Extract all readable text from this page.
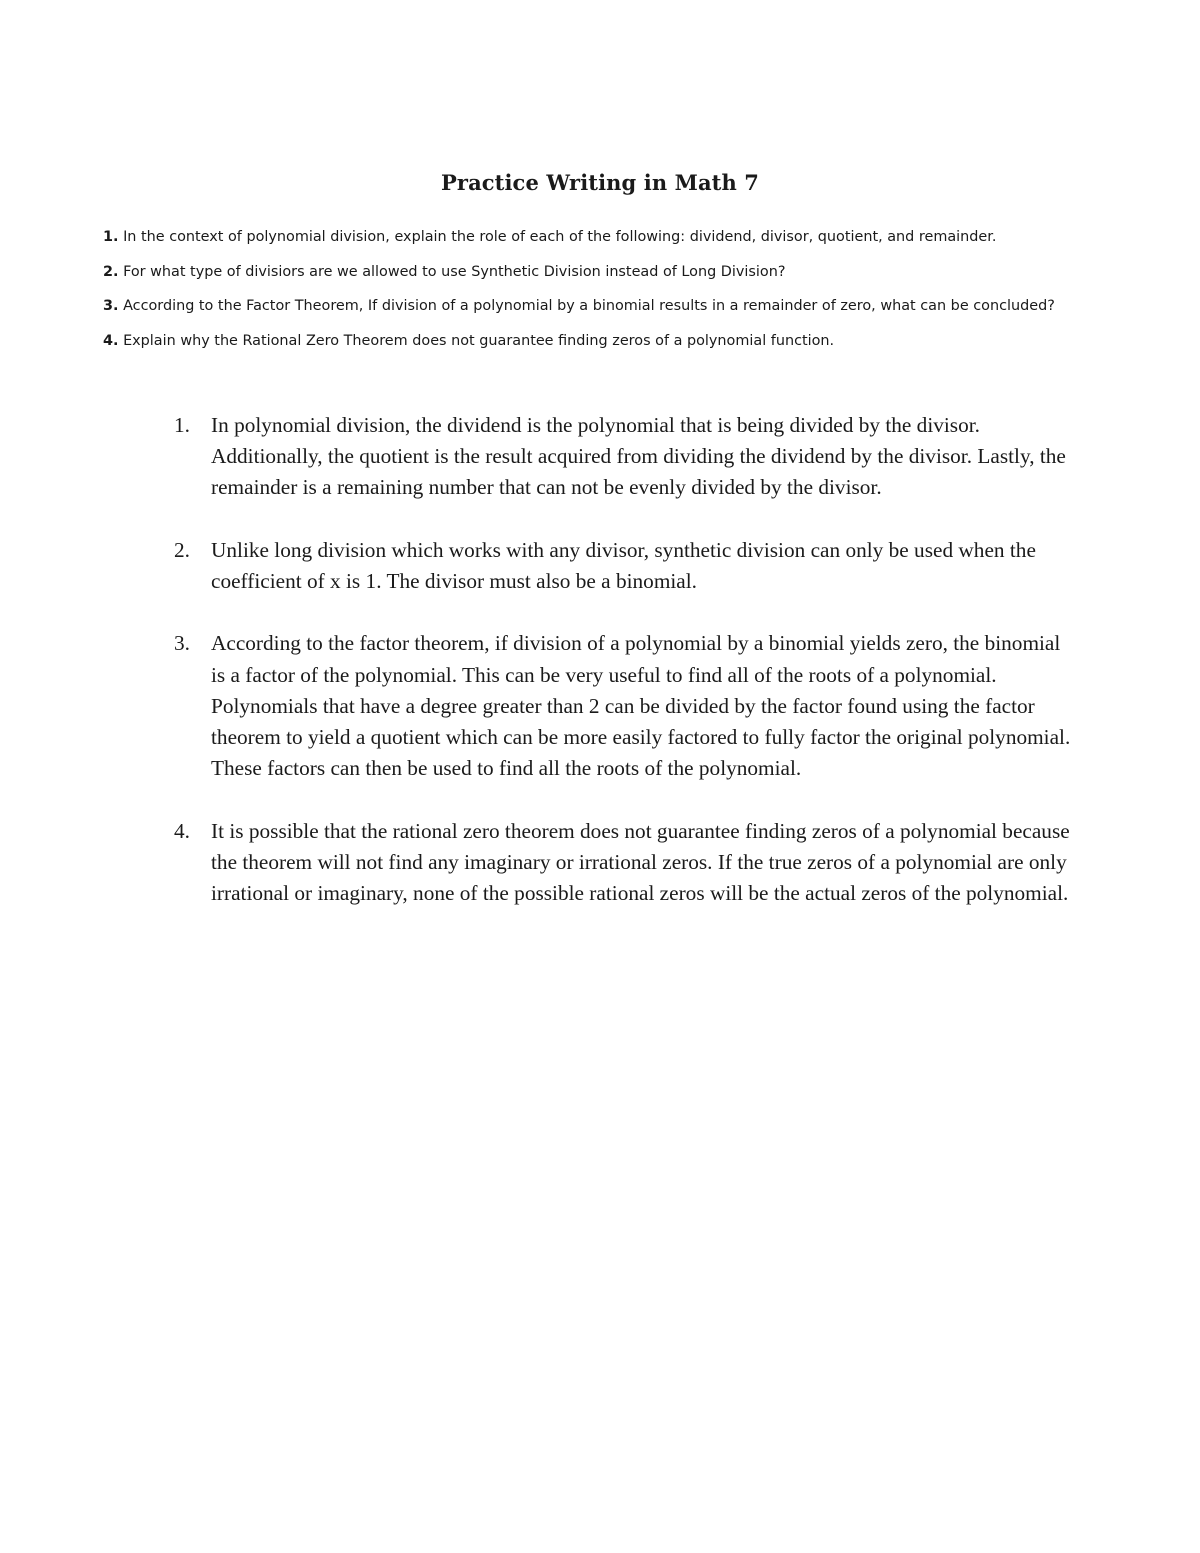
Practice Writing in Math 7
1. In the context of polynomial division, explain the role of each of the following: dividend, divisor, quotient, and remainder.
2. For what type of divisiors are we allowed to use Synthetic Division instead of Long Division?
3. According to the Factor Theorem, If division of a polynomial by a binomial results in a remainder of zero, what can be concluded?
4. Explain why the Rational Zero Theorem does not guarantee finding zeros of a polynomial function.
1. In polynomial division, the dividend is the polynomial that is being divided by the divisor. Additionally, the quotient is the result acquired from dividing the dividend by the divisor. Lastly, the remainder is a remaining number that can not be evenly divided by the divisor.
2. Unlike long division which works with any divisor, synthetic division can only be used when the coefficient of x is 1. The divisor must also be a binomial.
3. According to the factor theorem, if division of a polynomial by a binomial yields zero, the binomial is a factor of the polynomial. This can be very useful to find all of the roots of a polynomial. Polynomials that have a degree greater than 2 can be divided by the factor found using the factor theorem to yield a quotient which can be more easily factored to fully factor the original polynomial. These factors can then be used to find all the roots of the polynomial.
4. It is possible that the rational zero theorem does not guarantee finding zeros of a polynomial because the theorem will not find any imaginary or irrational zeros. If the true zeros of a polynomial are only irrational or imaginary, none of the possible rational zeros will be the actual zeros of the polynomial.
